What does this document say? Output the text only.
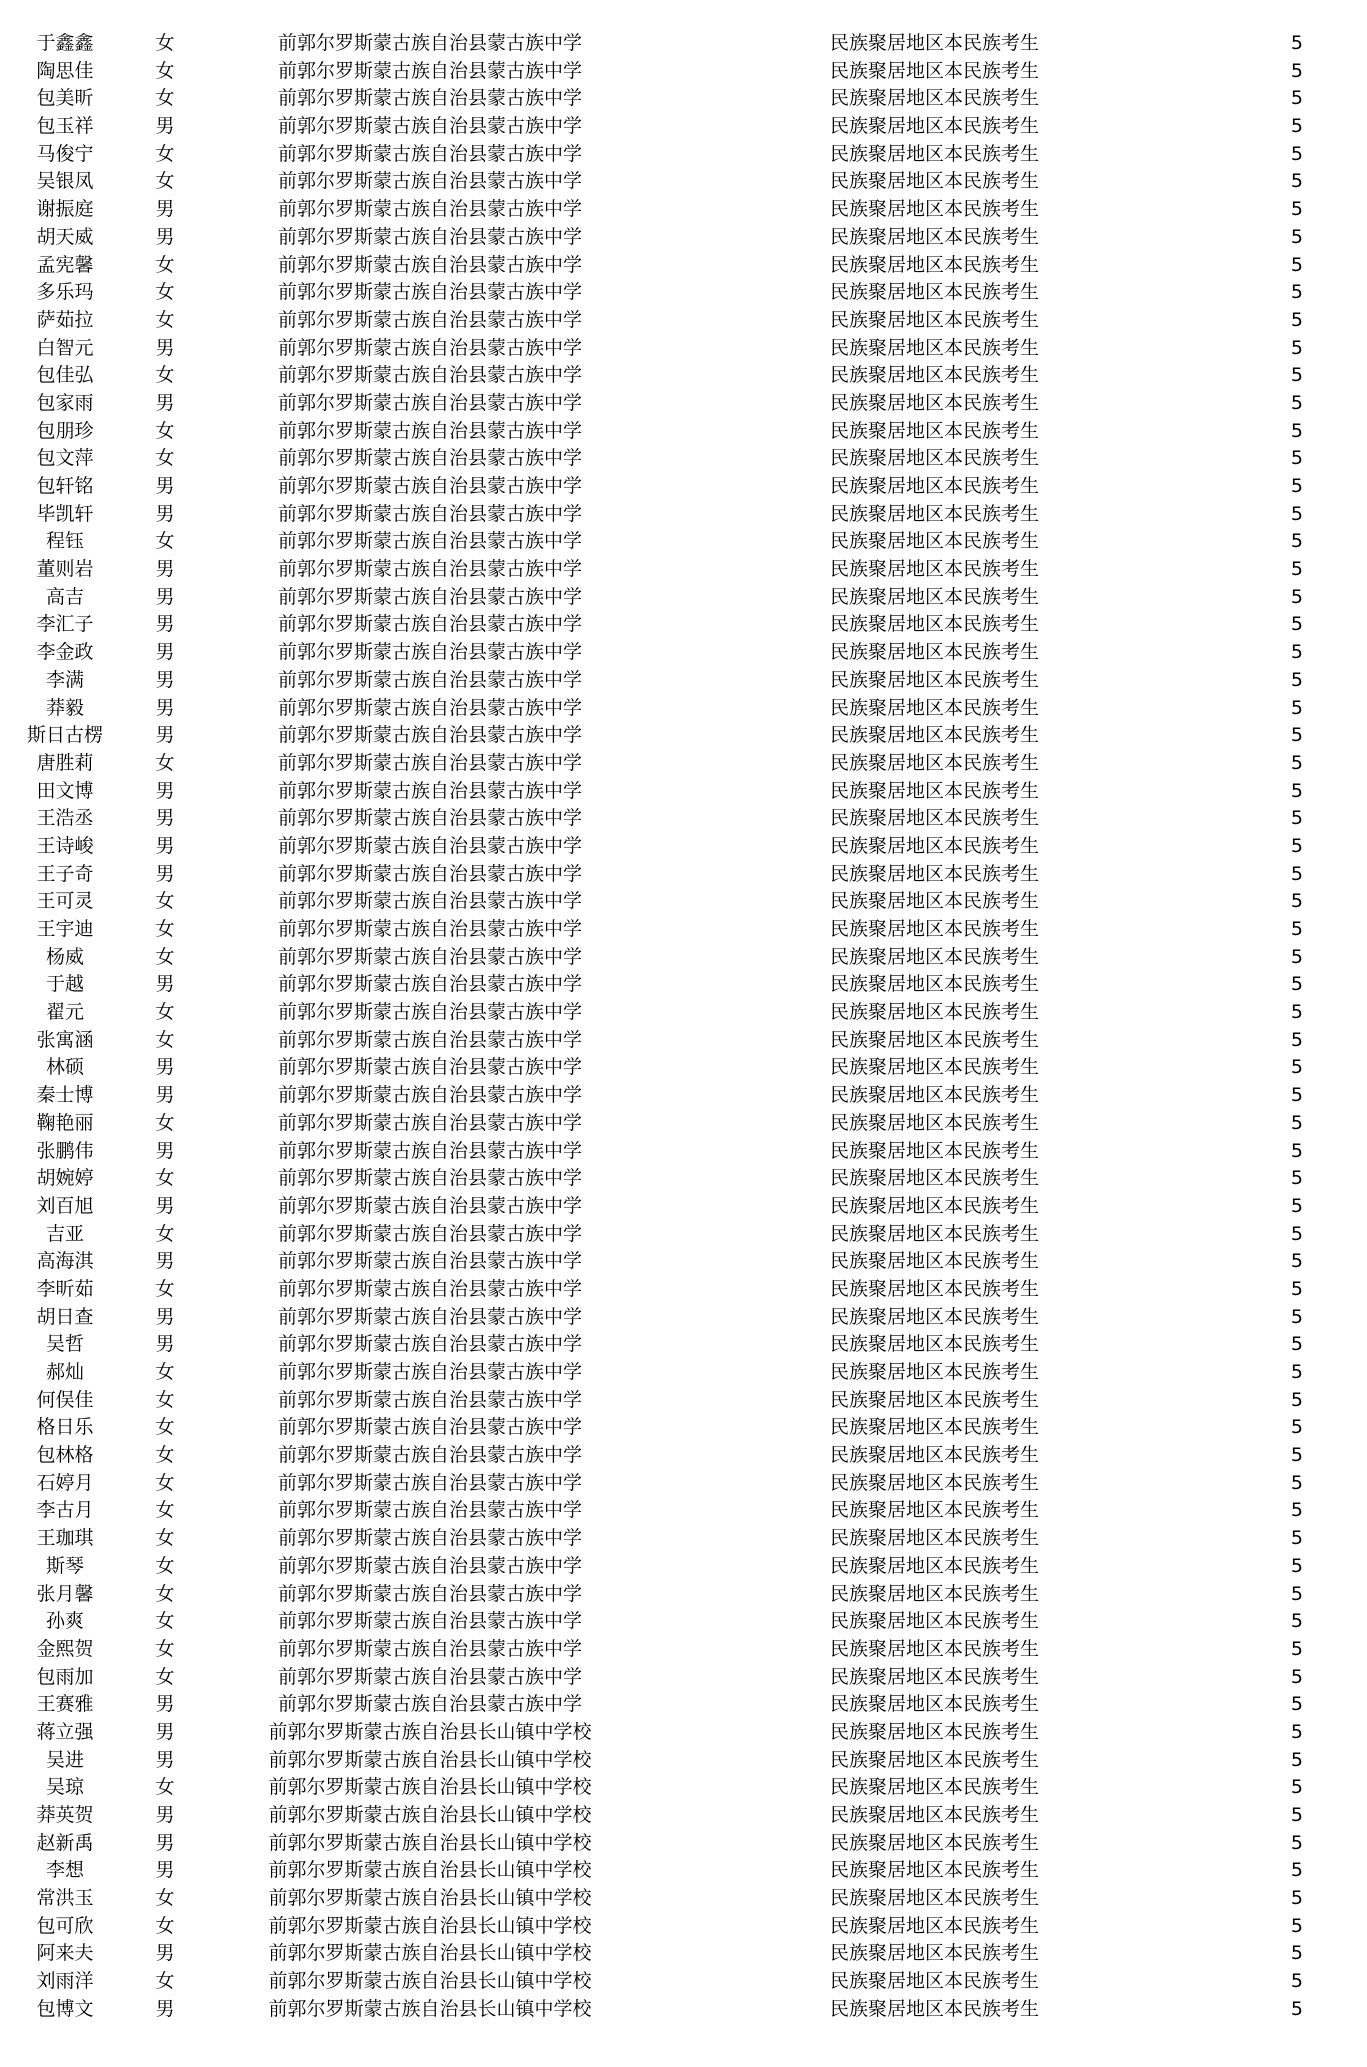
于鑫鑫	女	前郭尔罗斯蒙古族自治县蒙古族中学	民族聚居地区本民族考生	5
陶思佳	女	前郭尔罗斯蒙古族自治县蒙古族中学	民族聚居地区本民族考生	5
包美昕	女	前郭尔罗斯蒙古族自治县蒙古族中学	民族聚居地区本民族考生	5
包玉祥	男	前郭尔罗斯蒙古族自治县蒙古族中学	民族聚居地区本民族考生	5
马俊宁	女	前郭尔罗斯蒙古族自治县蒙古族中学	民族聚居地区本民族考生	5
吴银凤	女	前郭尔罗斯蒙古族自治县蒙古族中学	民族聚居地区本民族考生	5
谢振庭	男	前郭尔罗斯蒙古族自治县蒙古族中学	民族聚居地区本民族考生	5
胡天威	男	前郭尔罗斯蒙古族自治县蒙古族中学	民族聚居地区本民族考生	5
孟宪馨	女	前郭尔罗斯蒙古族自治县蒙古族中学	民族聚居地区本民族考生	5
多乐玛	女	前郭尔罗斯蒙古族自治县蒙古族中学	民族聚居地区本民族考生	5
萨茹拉	女	前郭尔罗斯蒙古族自治县蒙古族中学	民族聚居地区本民族考生	5
白智元	男	前郭尔罗斯蒙古族自治县蒙古族中学	民族聚居地区本民族考生	5
包佳弘	女	前郭尔罗斯蒙古族自治县蒙古族中学	民族聚居地区本民族考生	5
包家雨	男	前郭尔罗斯蒙古族自治县蒙古族中学	民族聚居地区本民族考生	5
包朋珍	女	前郭尔罗斯蒙古族自治县蒙古族中学	民族聚居地区本民族考生	5
包文萍	女	前郭尔罗斯蒙古族自治县蒙古族中学	民族聚居地区本民族考生	5
包轩铭	男	前郭尔罗斯蒙古族自治县蒙古族中学	民族聚居地区本民族考生	5
毕凯轩	男	前郭尔罗斯蒙古族自治县蒙古族中学	民族聚居地区本民族考生	5
程钰	女	前郭尔罗斯蒙古族自治县蒙古族中学	民族聚居地区本民族考生	5
董则岩	男	前郭尔罗斯蒙古族自治县蒙古族中学	民族聚居地区本民族考生	5
高吉	男	前郭尔罗斯蒙古族自治县蒙古族中学	民族聚居地区本民族考生	5
李汇子	男	前郭尔罗斯蒙古族自治县蒙古族中学	民族聚居地区本民族考生	5
李金政	男	前郭尔罗斯蒙古族自治县蒙古族中学	民族聚居地区本民族考生	5
李满	男	前郭尔罗斯蒙古族自治县蒙古族中学	民族聚居地区本民族考生	5
莽毅	男	前郭尔罗斯蒙古族自治县蒙古族中学	民族聚居地区本民族考生	5
斯日古楞	男	前郭尔罗斯蒙古族自治县蒙古族中学	民族聚居地区本民族考生	5
唐胜莉	女	前郭尔罗斯蒙古族自治县蒙古族中学	民族聚居地区本民族考生	5
田文博	男	前郭尔罗斯蒙古族自治县蒙古族中学	民族聚居地区本民族考生	5
王浩丞	男	前郭尔罗斯蒙古族自治县蒙古族中学	民族聚居地区本民族考生	5
王诗峻	男	前郭尔罗斯蒙古族自治县蒙古族中学	民族聚居地区本民族考生	5
王子奇	男	前郭尔罗斯蒙古族自治县蒙古族中学	民族聚居地区本民族考生	5
王可灵	女	前郭尔罗斯蒙古族自治县蒙古族中学	民族聚居地区本民族考生	5
王宇迪	女	前郭尔罗斯蒙古族自治县蒙古族中学	民族聚居地区本民族考生	5
杨威	女	前郭尔罗斯蒙古族自治县蒙古族中学	民族聚居地区本民族考生	5
于越	男	前郭尔罗斯蒙古族自治县蒙古族中学	民族聚居地区本民族考生	5
翟元	女	前郭尔罗斯蒙古族自治县蒙古族中学	民族聚居地区本民族考生	5
张寓涵	女	前郭尔罗斯蒙古族自治县蒙古族中学	民族聚居地区本民族考生	5
林硕	男	前郭尔罗斯蒙古族自治县蒙古族中学	民族聚居地区本民族考生	5
秦士博	男	前郭尔罗斯蒙古族自治县蒙古族中学	民族聚居地区本民族考生	5
鞠艳丽	女	前郭尔罗斯蒙古族自治县蒙古族中学	民族聚居地区本民族考生	5
张鹏伟	男	前郭尔罗斯蒙古族自治县蒙古族中学	民族聚居地区本民族考生	5
胡婉婷	女	前郭尔罗斯蒙古族自治县蒙古族中学	民族聚居地区本民族考生	5
刘百旭	男	前郭尔罗斯蒙古族自治县蒙古族中学	民族聚居地区本民族考生	5
吉亚	女	前郭尔罗斯蒙古族自治县蒙古族中学	民族聚居地区本民族考生	5
高海淇	男	前郭尔罗斯蒙古族自治县蒙古族中学	民族聚居地区本民族考生	5
李昕茹	女	前郭尔罗斯蒙古族自治县蒙古族中学	民族聚居地区本民族考生	5
胡日查	男	前郭尔罗斯蒙古族自治县蒙古族中学	民族聚居地区本民族考生	5
吴哲	男	前郭尔罗斯蒙古族自治县蒙古族中学	民族聚居地区本民族考生	5
郝灿	女	前郭尔罗斯蒙古族自治县蒙古族中学	民族聚居地区本民族考生	5
何俣佳	女	前郭尔罗斯蒙古族自治县蒙古族中学	民族聚居地区本民族考生	5
格日乐	女	前郭尔罗斯蒙古族自治县蒙古族中学	民族聚居地区本民族考生	5
包林格	女	前郭尔罗斯蒙古族自治县蒙古族中学	民族聚居地区本民族考生	5
石婷月	女	前郭尔罗斯蒙古族自治县蒙古族中学	民族聚居地区本民族考生	5
李古月	女	前郭尔罗斯蒙古族自治县蒙古族中学	民族聚居地区本民族考生	5
王珈琪	女	前郭尔罗斯蒙古族自治县蒙古族中学	民族聚居地区本民族考生	5
斯琴	女	前郭尔罗斯蒙古族自治县蒙古族中学	民族聚居地区本民族考生	5
张月馨	女	前郭尔罗斯蒙古族自治县蒙古族中学	民族聚居地区本民族考生	5
孙爽	女	前郭尔罗斯蒙古族自治县蒙古族中学	民族聚居地区本民族考生	5
金熙贺	女	前郭尔罗斯蒙古族自治县蒙古族中学	民族聚居地区本民族考生	5
包雨加	女	前郭尔罗斯蒙古族自治县蒙古族中学	民族聚居地区本民族考生	5
王赛雅	男	前郭尔罗斯蒙古族自治县蒙古族中学	民族聚居地区本民族考生	5
蒋立强	男	前郭尔罗斯蒙古族自治县长山镇中学校	民族聚居地区本民族考生	5
吴进	男	前郭尔罗斯蒙古族自治县长山镇中学校	民族聚居地区本民族考生	5
吴琼	女	前郭尔罗斯蒙古族自治县长山镇中学校	民族聚居地区本民族考生	5
莽英贺	男	前郭尔罗斯蒙古族自治县长山镇中学校	民族聚居地区本民族考生	5
赵新禹	男	前郭尔罗斯蒙古族自治县长山镇中学校	民族聚居地区本民族考生	5
李想	男	前郭尔罗斯蒙古族自治县长山镇中学校	民族聚居地区本民族考生	5
常洪玉	女	前郭尔罗斯蒙古族自治县长山镇中学校	民族聚居地区本民族考生	5
包可欣	女	前郭尔罗斯蒙古族自治县长山镇中学校	民族聚居地区本民族考生	5
阿来夫	男	前郭尔罗斯蒙古族自治县长山镇中学校	民族聚居地区本民族考生	5
刘雨洋	女	前郭尔罗斯蒙古族自治县长山镇中学校	民族聚居地区本民族考生	5
包博文	男	前郭尔罗斯蒙古族自治县长山镇中学校	民族聚居地区本民族考生	5
